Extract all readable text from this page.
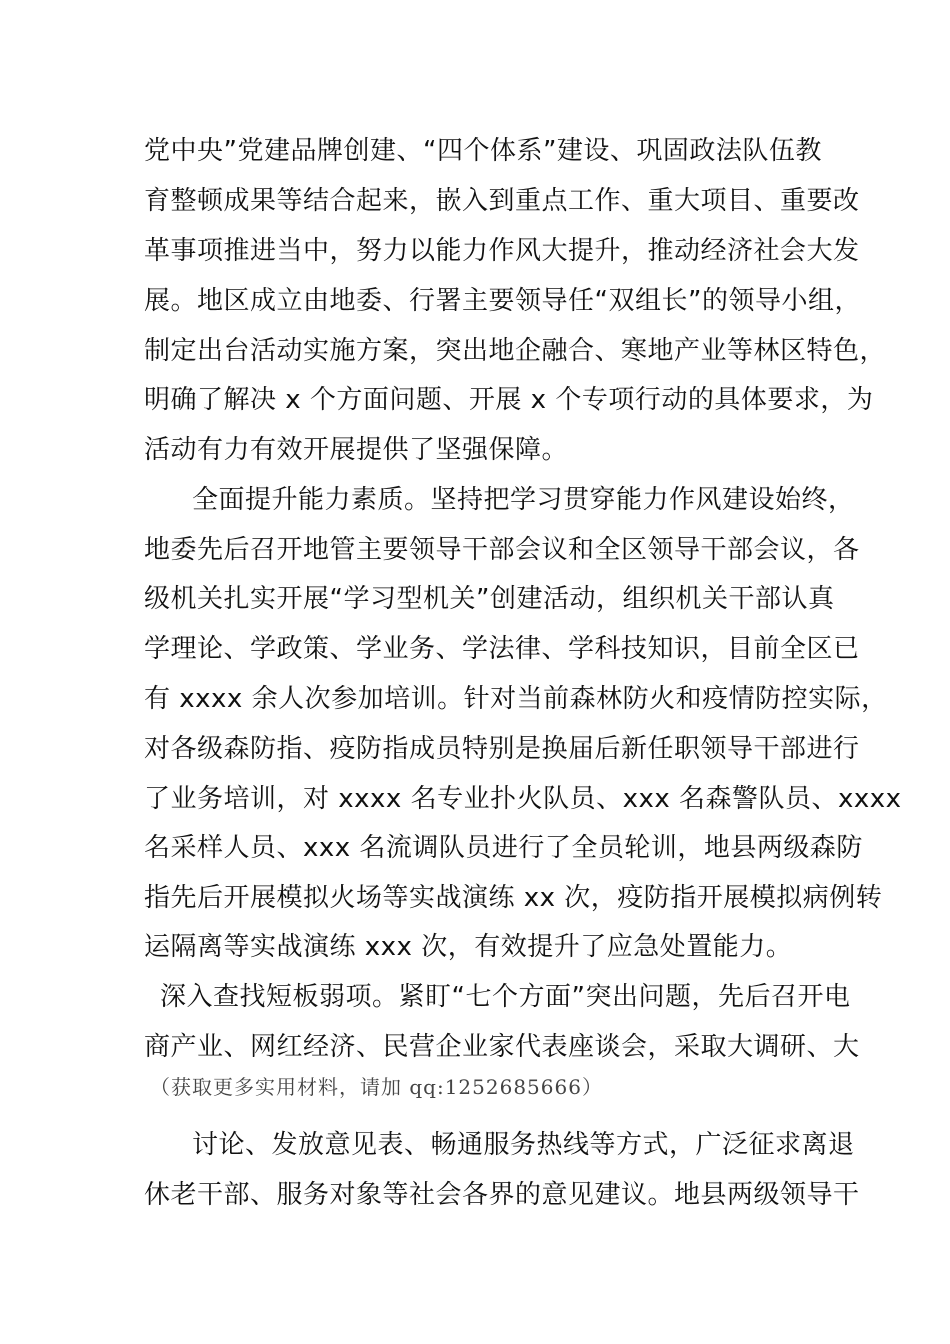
党中央”党建品牌创建、“四个体系”建设、巩固政法队伍教
育整顿成果等结合起来，嵌入到重点工作、重大项目、重要改
革事项推进当中，努力以能力作风大提升，推动经济社会大发
展。地区成立由地委、行署主要领导任“双组长”的领导小组，
制定出台活动实施方案，突出地企融合、寒地产业等林区特色，
明确了解决 x 个方面问题、开展 x 个专项行动的具体要求，为
活动有力有效开展提供了坚强保障。
全面提升能力素质。坚持把学习贯穿能力作风建设始终，
地委先后召开地管主要领导干部会议和全区领导干部会议，各
级机关扎实开展“学习型机关”创建活动，组织机关干部认真
学理论、学政策、学业务、学法律、学科技知识，目前全区已
有 xxxx 余人次参加培训。针对当前森林防火和疫情防控实际，
对各级森防指、疫防指成员特别是换届后新任职领导干部进行
了业务培训，对 xxxx 名专业扑火队员、xxx 名森警队员、xxxx
名采样人员、xxx 名流调队员进行了全员轮训，地县两级森防
指先后开展模拟火场等实战演练 xx 次，疫防指开展模拟病例转
运隔离等实战演练 xxx 次，有效提升了应急处置能力。
深入查找短板弱项。紧盯“七个方面”突出问题，先后召开电
商产业、网红经济、民营企业家代表座谈会，采取大调研、大
（获取更多实用材料，请加 qq:1252685666）
讨论、发放意见表、畅通服务热线等方式，广泛征求离退
休老干部、服务对象等社会各界的意见建议。地县两级领导干
